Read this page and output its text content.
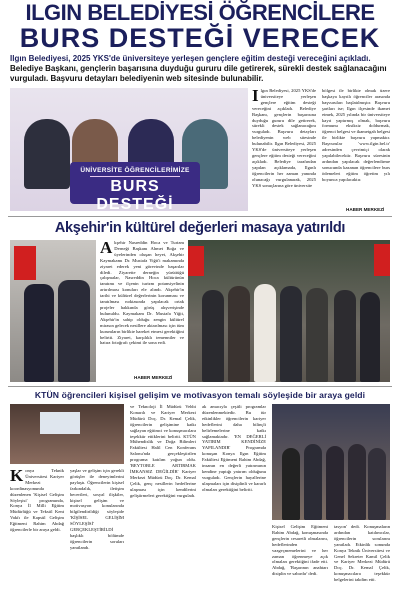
ILGIN BELEDİYESİ ÖĞRENCİLERE
BURS DESTEĞİ VERECEK
Ilgın Belediyesi, 2025 YKS'de üniversiteye yerleşen gençlere eğitim desteği vereceğini açıkladı. Belediye Başkanı, gençlerin başarısına duyduğu gururu dile getirerek, sürekli destek sağlanacağını vurguladı. Başvuru detayları belediyenin web sitesinde bulunabilir.
ÜNİVERSİTE ÖĞRENCİLERİMİZE
BURS DESTEĞİ
Ilgın Belediyesi, 2025 YKS'de üniversiteye yerleşen gençlere eğitim desteği vereceğini açıkladı. Belediye Başkanı, gençlerin başarısına duyduğu gururu dile getirerek, sürekli destek sağlanacağını vurguladı. Başvuru detayları belediyenin web sitesinde bulunabilir. Ilgın Belediyesi, 2025 YKS'de üniversiteye yerleşen gençlere eğitim desteği vereceğini açıkladı. Belediye tarafından yapılan açıklamada, Ilgınlı öğrencilerin her zaman yanında olunacağı vurgulanarak, 2025 YKS sonuçlarına göre üniversite
bölgesi ile birlikte olmak üzere başkaya kayıtlı öğrenciler arasında başvuruları başlatılmıştır. Başvuru şartları ise; Ilgın ilçesinde ikamet etmek, 2025 yılında bir üniversiteye kayıt yaptırmış olmak, başvuru formunu eksiksiz doldurmak, öğrenci belgesi ve ikametgah belgesi ile birlikte başvuru yapmaktır. Başvurular 'www.ilgin.bel.tr' adresinden çevrimiçi olarak yapılabilecektir. Başvuru süresinin ardından yapılacak değerlendirme sonucunda kazanan öğrencilere burs ödemeleri eğitim öğretim yılı boyunca yapılacaktır.
HABER MERKEZİ
Akşehir'in kültürel değerleri masaya yatırıldı
Akşehir Nasreddin Hoca ve Turizm Derneği Başkanı Ahmet Boğa ve üyelerinden oluşan heyet, Akşehir Kaymakamı Dr. Mustafa Yiğit'i makamında ziyaret ederek yeni görevinde başarılar diledi. Ziyarette derneğin yürüttüğü çalışmalar, Nasreddin Hoca kültürünün tanıtımı ve ilçenin turizm potansiyelinin artırılması konuları ele alındı. Akşehir'in tarihi ve kültürel değerlerinin korunması ve tanıtılması noktasında yapılacak ortak projeler hakkında görüş alışverişinde bulunuldu. Kaymakam Dr. Mustafa Yiğit, Akşehir'in sahip olduğu zengin kültürel mirasın gelecek nesillere aktarılması için tüm kurumların birlikte hareket etmesi gerektiğini belirtti. Ziyaret, karşılıklı temenniler ve hatıra fotoğrafı çekimi ile sona erdi.
HABER MERKEZİ
KTÜN öğrencileri kişisel gelişim ve motivasyon temalı söyleşide bir araya geldi
Konya Teknik Üniversitesi Kariyer Merkezi koordinasyonunda düzenlenen 'Kişisel Gelişim Söyleşisi' programında, Konya İl Milli Eğitim Müdürlüğü ve Tekstil Kent Vakfı ile Kapsül Gelişim Eğitmeni Rahim Abdağ öğrencilerle bir araya geldi.
yaşlar ve gelişim için gerekli görüşler ile deneyimlerini paylaştı. Öğrencilerin kişisel farkındalık, iletişim becerileri, sosyal ilişkiler, kişisel gelişim ve motivasyon konularında bilgilendirildiği söyleşide 'KİŞİSEL GELİŞİM SÖYLEŞİSİ' GERÇEKLEŞTİRİLDİ başlıklı bölümde öğrencilerin soruları yanıtlandı.
ve Teknoloji İl Müdürü Vehbi Konarılı ve Kariyer Merkezi Müdürü Doç. Dr. Kemal Çelik, öğrencilerin gelişimine katkı sağlayan eğitimci ve konuşmacılara teşekkür ettiklerini belirtti. KTÜN Mühendislik ve Doğa Bilimleri Fakültesi Halil Cen Konferans Salonu'nda gerçekleştirilen programa katılım yoğun oldu. 'BEYTOBLE ARTIRMAK İMKANSIZ DEĞİLDİR' Kariyer Merkezi Müdürü Doç. Dr. Kemal Çelik, genç nesillerin hedeflerine ulaşması için kendilerini geliştirmeleri gerektiğini vurguladı.
ak amacıyla çeşitli programlar düzenlenmektedir. Bu tür etkinlikler öğrencilerin kariyer hedeflerini daha bilinçli belirlemelerine katkı sağlamaktadır. 'EN DEĞERLİ YATIRIM KENDİNİZE YAPILANDIR' Programda konuşan Konya Ilgın Eğitim Fakültesi Eğitmeni Rahim Abdağ, insanın en değerli yatırımının kendine yaptığı yatırım olduğunu vurguladı. Gençlerin hayallerine ulaşmaları için disiplinli ve kararlı olmaları gerektiğini belirtti.
Kişisel Gelişim Eğitmeni Rahim Abdağ, konuşmasında gençlerin cesaretli olmalarını, hedeflerinden vazgeçmemelerini ve her zaman öğrenmeye açık olmaları gerektiğini ifade etti. Abdağ, 'Başarının anahtarı disiplin ve sabırdır' dedi.
tasyon' dedi. Konuşmaların ardından katılımcılar, öğrencilerin sorularını yanıtladı. Etkinlik sonunda Konya Teknik Üniversitesi ve Genel Sekreter Kamil Çelik ve Kariyer Merkezi Müdürü Doç. Dr. Kemal Çelik, konuşmacılara teşekkür belgelerini takdim etti.
